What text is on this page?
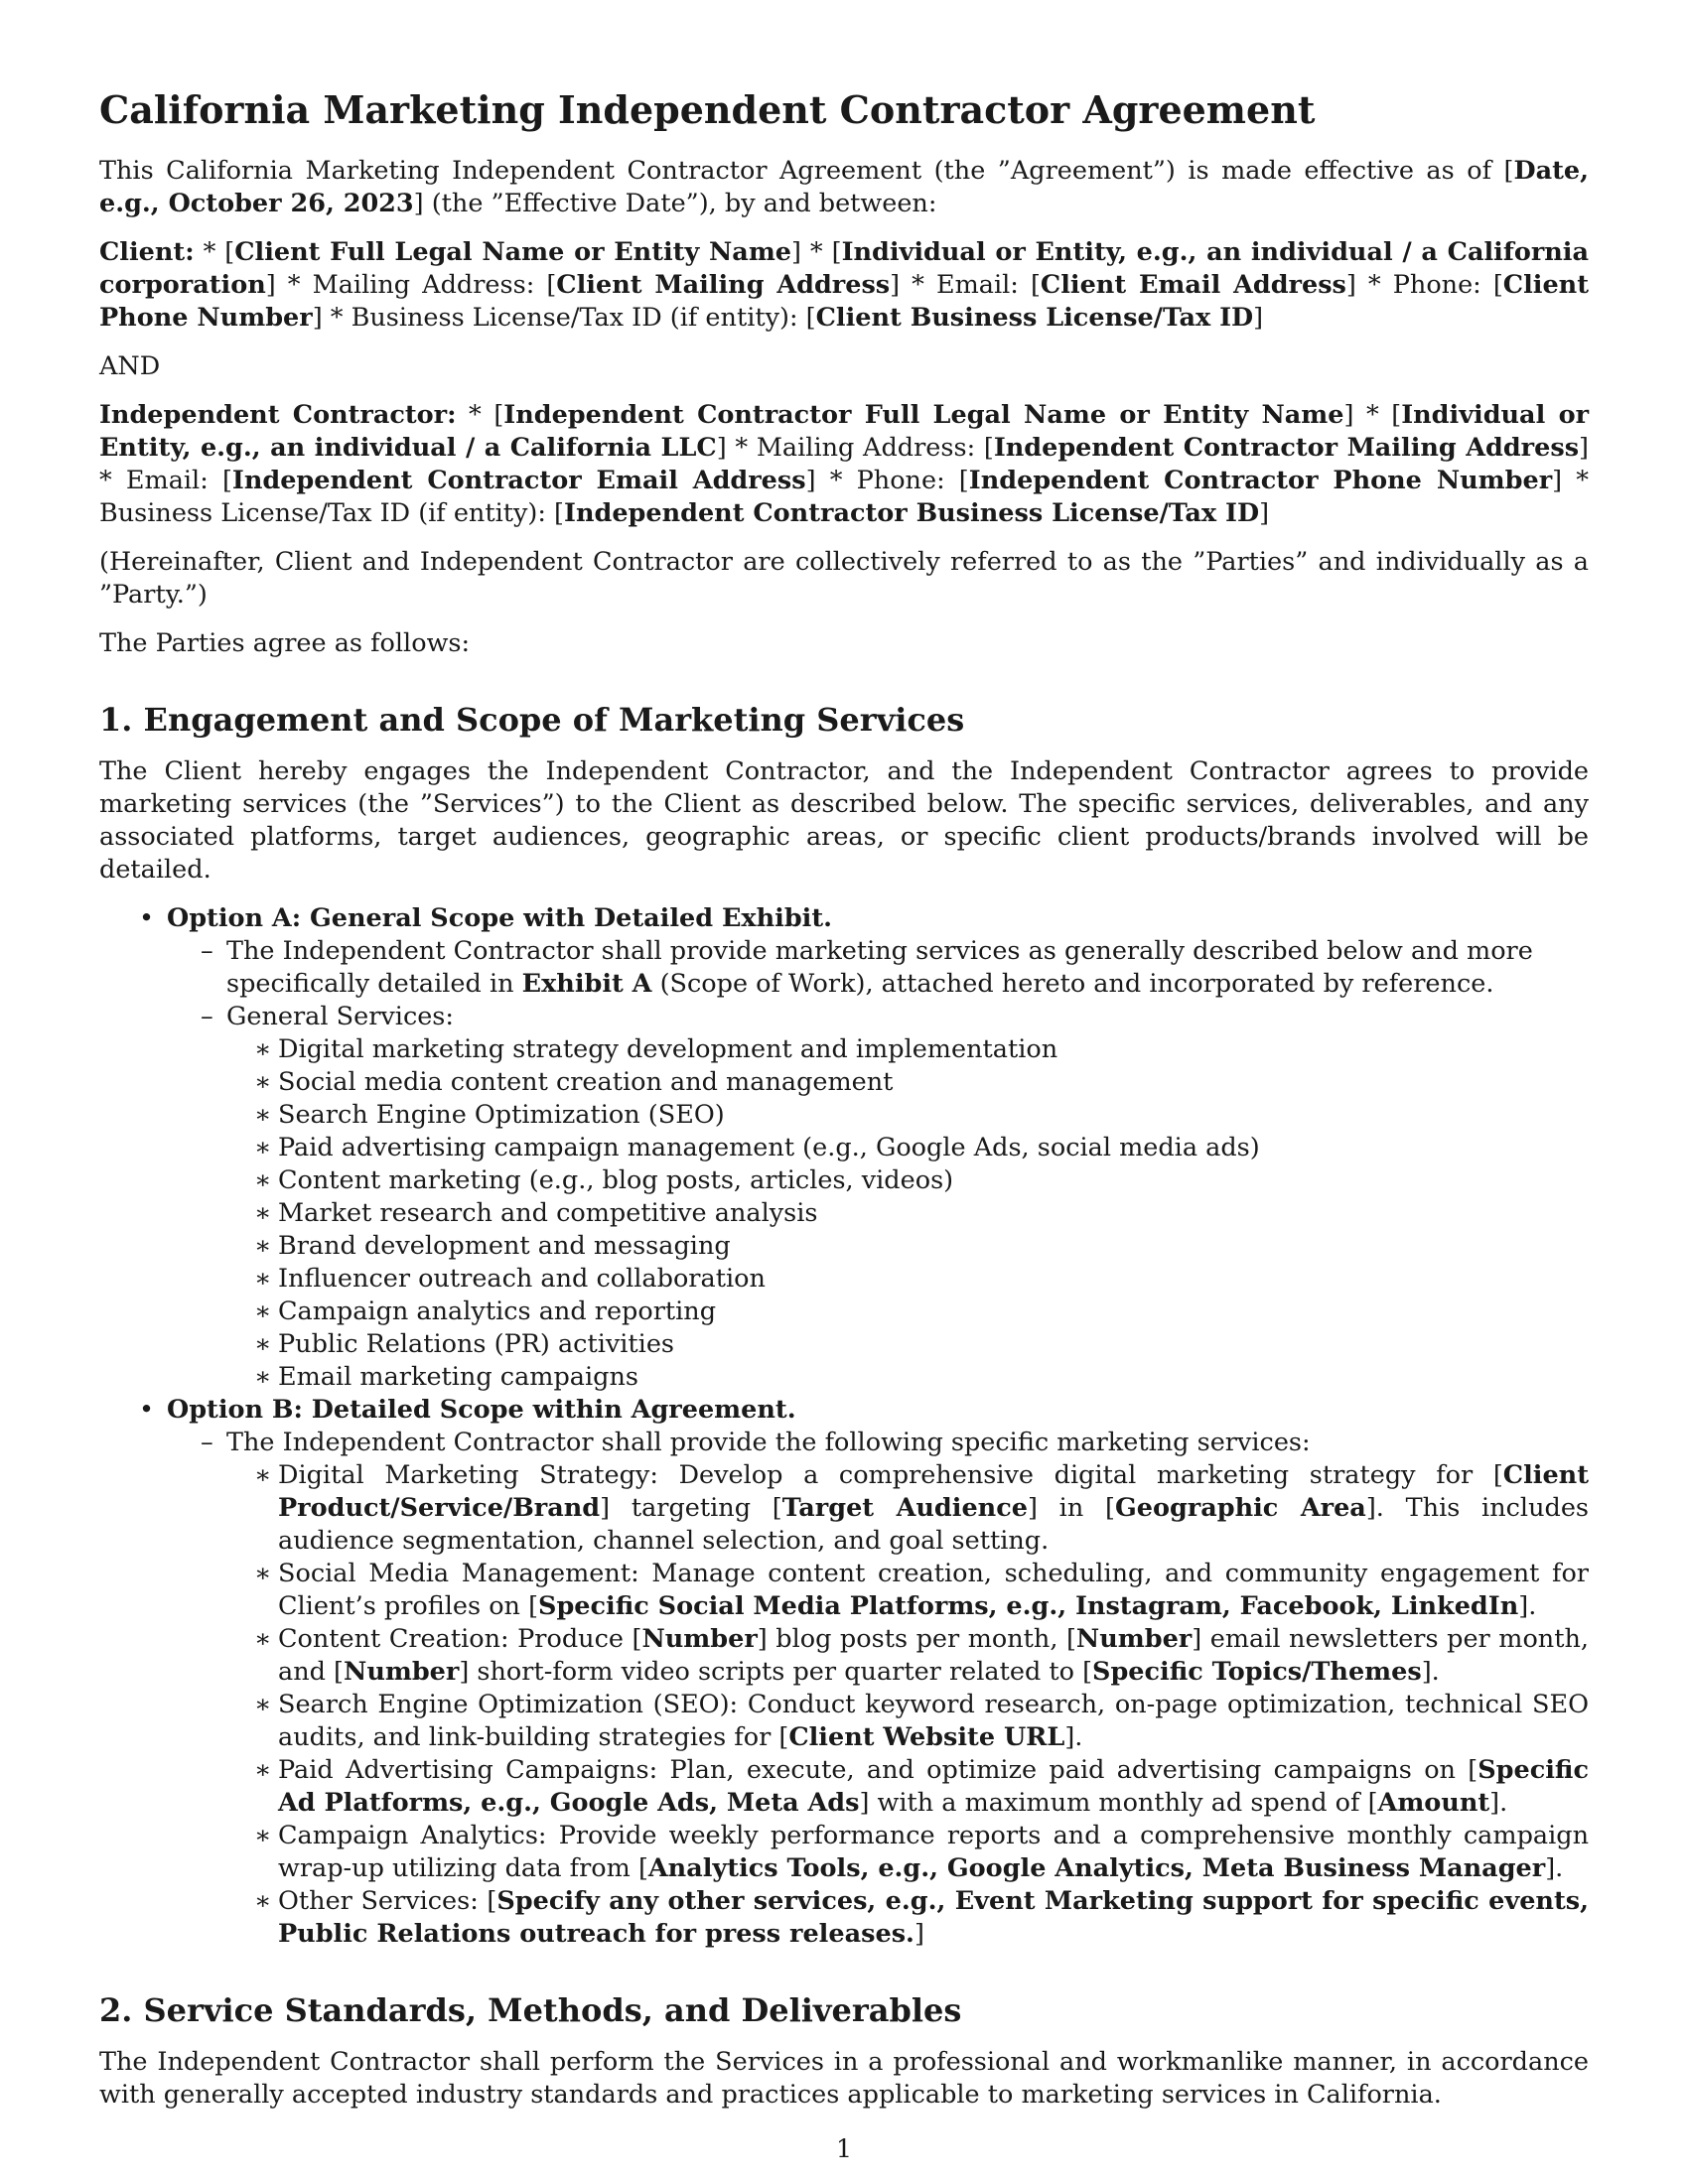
California Marketing Independent Contractor Agreement

This California Marketing Independent Contractor Agreement (the ”Agreement”) is made effective as of [Date, e.g., October 26, 2023] (the ”Effective Date”), by and between:

Client: * [Client Full Legal Name or Entity Name] * [Individual or Entity, e.g., an individual / a California corporation] * Mailing Address: [Client Mailing Address] * Email: [Client Email Address] * Phone: [Client Phone Number] * Business License/Tax ID (if entity): [Client Business License/Tax ID]

AND

Independent Contractor: * [Independent Contractor Full Legal Name or Entity Name] * [Individual or Entity, e.g., an individual / a California LLC] * Mailing Address: [Independent Contractor Mailing Address] * Email: [Independent Contractor Email Address] * Phone: [Independent Contractor Phone Number] * Business License/Tax ID (if entity): [Independent Contractor Business License/Tax ID]

(Hereinafter, Client and Independent Contractor are collectively referred to as the ”Parties” and individually as a ”Party.”)

The Parties agree as follows:

1. Engagement and Scope of Marketing Services

The Client hereby engages the Independent Contractor, and the Independent Contractor agrees to provide marketing services (the ”Services”) to the Client as described below. The specific services, deliverables, and any associated platforms, target audiences, geographic areas, or specific client products/brands involved will be detailed.

• Option A: General Scope with Detailed Exhibit.
– The Independent Contractor shall provide marketing services as generally described below and more specifically detailed in Exhibit A (Scope of Work), attached hereto and incorporated by reference.
– General Services:
∗ Digital marketing strategy development and implementation
∗ Social media content creation and management
∗ Search Engine Optimization (SEO)
∗ Paid advertising campaign management (e.g., Google Ads, social media ads)
∗ Content marketing (e.g., blog posts, articles, videos)
∗ Market research and competitive analysis
∗ Brand development and messaging
∗ Influencer outreach and collaboration
∗ Campaign analytics and reporting
∗ Public Relations (PR) activities
∗ Email marketing campaigns
• Option B: Detailed Scope within Agreement.
– The Independent Contractor shall provide the following specific marketing services:
∗ Digital Marketing Strategy: Develop a comprehensive digital marketing strategy for [Client Product/Service/Brand] targeting [Target Audience] in [Geographic Area]. This includes audience segmentation, channel selection, and goal setting.
∗ Social Media Management: Manage content creation, scheduling, and community engagement for Client’s profiles on [Specific Social Media Platforms, e.g., Instagram, Facebook, LinkedIn].
∗ Content Creation: Produce [Number] blog posts per month, [Number] email newsletters per month, and [Number] short-form video scripts per quarter related to [Specific Topics/Themes].
∗ Search Engine Optimization (SEO): Conduct keyword research, on-page optimization, technical SEO audits, and link-building strategies for [Client Website URL].
∗ Paid Advertising Campaigns: Plan, execute, and optimize paid advertising campaigns on [Specific Ad Platforms, e.g., Google Ads, Meta Ads] with a maximum monthly ad spend of [Amount].
∗ Campaign Analytics: Provide weekly performance reports and a comprehensive monthly campaign wrap-up utilizing data from [Analytics Tools, e.g., Google Analytics, Meta Business Manager].
∗ Other Services: [Specify any other services, e.g., Event Marketing support for specific events, Public Relations outreach for press releases.]
2. Service Standards, Methods, and Deliverables

The Independent Contractor shall perform the Services in a professional and workmanlike manner, in accordance with generally accepted industry standards and practices applicable to marketing services in California.

1
